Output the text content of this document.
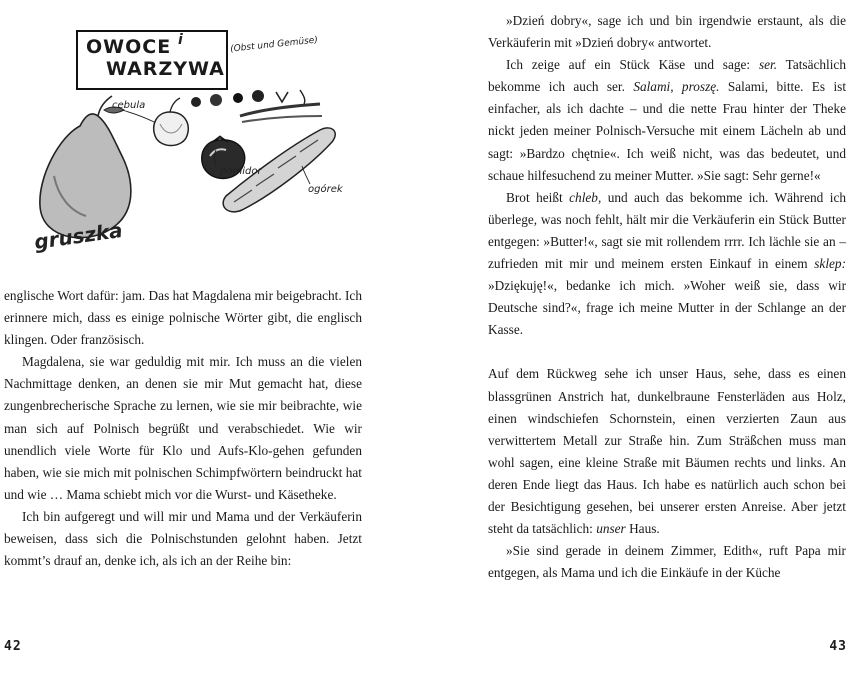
OWOCE
WARZYWA
i	(Obst und Gemüse)
cebula
pomidor
ogórek
gruszka

englische Wort dafür: jam. Das hat Magdalena mir beigebracht. Ich erinnere mich, dass es einige polnische Wörter gibt, die englisch klingen. Oder französisch.

Magdalena, sie war geduldig mit mir. Ich muss an die vielen Nachmittage denken, an denen sie mir Mut gemacht hat, diese zungenbrecherische Sprache zu lernen, wie sie mir beibrachte, wie man sich auf Polnisch begrüßt und verabschiedet. Wie wir unendlich viele Worte für Klo und Aufs-Klo-gehen gefunden haben, wie sie mich mit polnischen Schimpfwörtern beindruckt hat und wie … Mama schiebt mich vor die Wurst- und Käsetheke.

Ich bin aufgeregt und will mir und Mama und der Verkäuferin beweisen, dass sich die Polnischstunden gelohnt haben. Jetzt kommt’s drauf an, denke ich, als ich an der Reihe bin:

42

»Dzień dobry«, sage ich und bin irgendwie erstaunt, als die Verkäuferin mit »Dzień dobry« antwortet.

Ich zeige auf ein Stück Käse und sage: ser. Tatsächlich bekomme ich auch ser. Salami, proszę. Salami, bitte. Es ist einfacher, als ich dachte – und die nette Frau hinter der Theke nickt jeden meiner Polnisch-Versuche mit einem Lächeln ab und sagt: »Bardzo chętnie«. Ich weiß nicht, was das bedeutet, und schaue hilfesuchend zu meiner Mutter. »Sie sagt: Sehr gerne!«

Brot heißt chleb, und auch das bekomme ich. Während ich überlege, was noch fehlt, hält mir die Verkäuferin ein Stück Butter entgegen: »Butter!«, sagt sie mit rollendem rrrr. Ich lächle sie an – zufrieden mit mir und meinem ersten Einkauf in einem sklep: »Dziękuję!«, bedanke ich mich. »Woher weiß sie, dass wir Deutsche sind?«, frage ich meine Mutter in der Schlange an der Kasse.

Auf dem Rückweg sehe ich unser Haus, sehe, dass es einen blassgrünen Anstrich hat, dunkelbraune Fensterläden aus Holz, einen windschiefen Schornstein, einen verzierten Zaun aus verwittertem Metall zur Straße hin. Zum Sträßchen muss man wohl sagen, eine kleine Straße mit Bäumen rechts und links. An deren Ende liegt das Haus. Ich habe es natürlich auch schon bei der Besichtigung gesehen, bei unserer ersten Anreise. Aber jetzt steht da tatsächlich: unser Haus.

»Sie sind gerade in deinem Zimmer, Edith«, ruft Papa mir entgegen, als Mama und ich die Einkäufe in der Küche

43
